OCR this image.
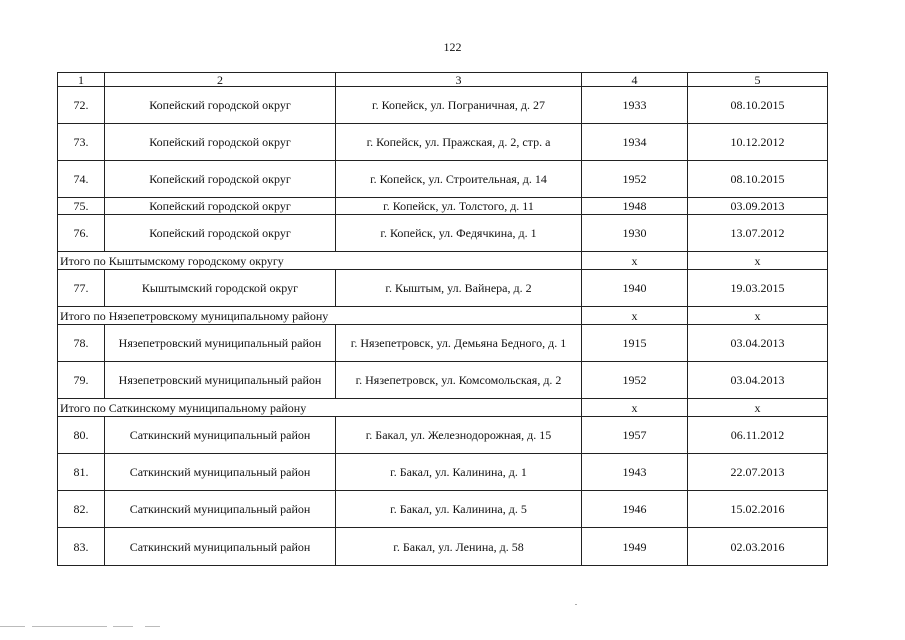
122
1	2	3	4	5
72.	Копейский городской округ	г. Копейск, ул. Пограничная, д. 27	1933	08.10.2015
73.	Копейский городской округ	г. Копейск, ул. Пражская, д. 2, стр. а	1934	10.12.2012
74.	Копейский городской округ	г. Копейск, ул. Строительная, д. 14	1952	08.10.2015
75.	Копейский городской округ	г. Копейск, ул. Толстого, д. 11	1948	03.09.2013
76.	Копейский городской округ	г. Копейск, ул. Федячкина, д. 1	1930	13.07.2012
Итого по Кыштымскому городскому округу			х	х
77.	Кыштымский городской округ	г. Кыштым, ул. Вайнера, д. 2	1940	19.03.2015
Итого по Нязепетровскому муниципальному району			х	х
78.	Нязепетровский муниципальный район	г. Нязепетровск, ул. Демьяна Бедного, д. 1	1915	03.04.2013
79.	Нязепетровский муниципальный район	г. Нязепетровск, ул. Комсомольская, д. 2	1952	03.04.2013
Итого по Саткинскому муниципальному району			х	х
80.	Саткинский муниципальный район	г. Бакал, ул. Железнодорожная, д. 15	1957	06.11.2012
81.	Саткинский муниципальный район	г. Бакал, ул. Калинина, д. 1	1943	22.07.2013
82.	Саткинский муниципальный район	г. Бакал, ул. Калинина, д. 5	1946	15.02.2016
83.	Саткинский муниципальный район	г. Бакал, ул. Ленина, д. 58	1949	02.03.2016
